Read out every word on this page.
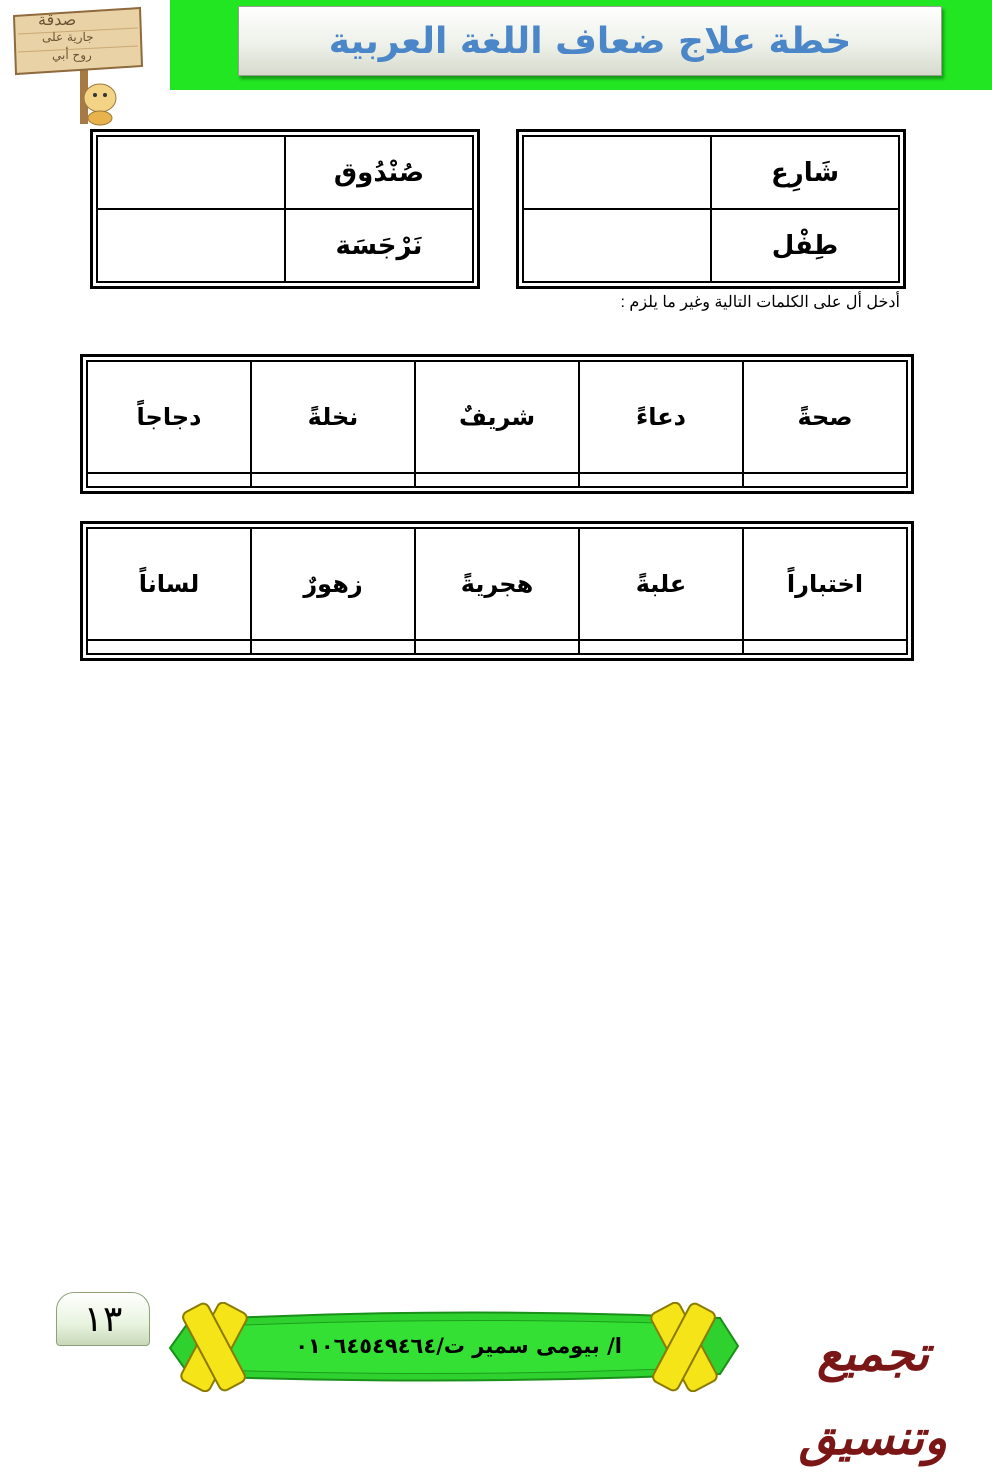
خطة علاج ضعاف اللغة العربية
صدقة
جارية على
روح أبي
	صُنْدُوق
	نَرْجَسَة
	شَارِع
	طِفْل
أدخل أل على الكلمات التالية وغير ما يلزم :
صحةً	دعاءً	شريفٌ	نخلةً	دجاجاً

اختباراً	علبةً	هجريةً	زهورٌ	لساناً

١٣
ا/ بيومى سمير ت/٠١٠٦٤٥٤٩٤٦٤	تجميع وتنسيق
